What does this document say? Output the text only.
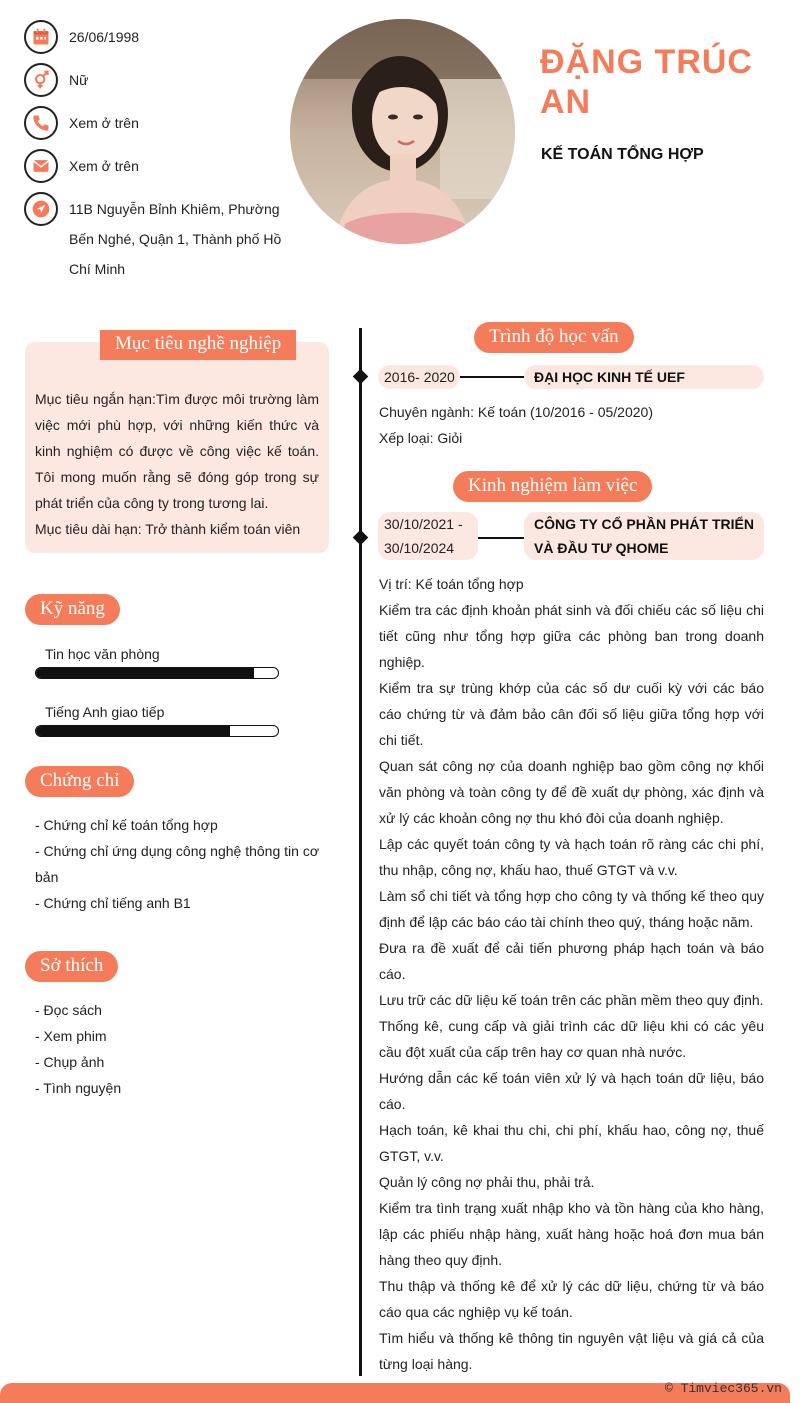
26/06/1998
Nữ
Xem ở trên
Xem ở trên
11B Nguyễn Bỉnh Khiêm, Phường Bến Nghé, Quận 1, Thành phố Hồ Chí Minh
ĐẶNG TRÚC AN
KẾ TOÁN TỔNG HỢP
Mục tiêu nghề nghiệp

Mục tiêu ngắn hạn:Tìm được môi trường làm việc mới phù hợp, với những kiến thức và kinh nghiệm có được về công việc kế toán. Tôi mong muốn rằng sẽ đóng góp trong sự phát triển của công ty trong tương lai.

Mục tiêu dài hạn: Trở thành kiểm toán viên

Kỹ năng
Tin học văn phòng
Tiếng Anh giao tiếp
Chứng chỉ
- Chứng chỉ kế toán tổng hợp
- Chứng chỉ ứng dụng công nghệ thông tin cơ bản
- Chứng chỉ tiếng anh B1
Sở thích
- Đọc sách
- Xem phim
- Chụp ảnh
- Tình nguyện
Trình độ học vấn
2016- 2020	ĐẠI HỌC KINH TẾ UEF

Chuyên ngành: Kế toán (10/2016 - 05/2020)

Xếp loại: Giỏi

Kinh nghiệm làm việc
30/10/2021 -
30/10/2024
CÔNG TY CỔ PHẦN PHÁT TRIỂN VÀ ĐẦU TƯ QHOME

Vị trí: Kế toán tổng hợp

Kiểm tra các định khoản phát sinh và đối chiếu các số liệu chi tiết cũng như tổng hợp giữa các phòng ban trong doanh nghiệp.

Kiểm tra sự trùng khớp của các số dư cuối kỳ với các báo cáo chứng từ và đảm bảo cân đối số liệu giữa tổng hợp với chi tiết.

Quan sát công nợ của doanh nghiệp bao gồm công nợ khối văn phòng và toàn công ty để đề xuất dự phòng, xác định và xử lý các khoản công nợ thu khó đòi của doanh nghiệp.

Lập các quyết toán công ty và hạch toán rõ ràng các chi phí, thu nhập, công nợ, khấu hao, thuế GTGT và v.v.

Làm sổ chi tiết và tổng hợp cho công ty và thống kế theo quy định để lập các báo cáo tài chính theo quý, tháng hoặc năm.

Đưa ra đề xuất để cải tiến phương pháp hạch toán và báo cáo.

Lưu trữ các dữ liệu kế toán trên các phần mềm theo quy định.

Thống kê, cung cấp và giải trình các dữ liệu khi có các yêu cầu đột xuất của cấp trên hay cơ quan nhà nước.

Hướng dẫn các kế toán viên xử lý và hạch toán dữ liệu, báo cáo.

Hạch toán, kê khai thu chi, chi phí, khấu hao, công nợ, thuế GTGT, v.v.

Quản lý công nợ phải thu, phải trả.

Kiểm tra tình trạng xuất nhập kho và tồn hàng của kho hàng, lập các phiếu nhập hàng, xuất hàng hoặc hoá đơn mua bán hàng theo quy định.

Thu thập và thống kê để xử lý các dữ liệu, chứng từ và báo cáo qua các nghiệp vụ kế toán.

Tìm hiểu và thống kê thông tin nguyên vật liệu và giá cả của từng loại hàng.

© Timviec365.vn
